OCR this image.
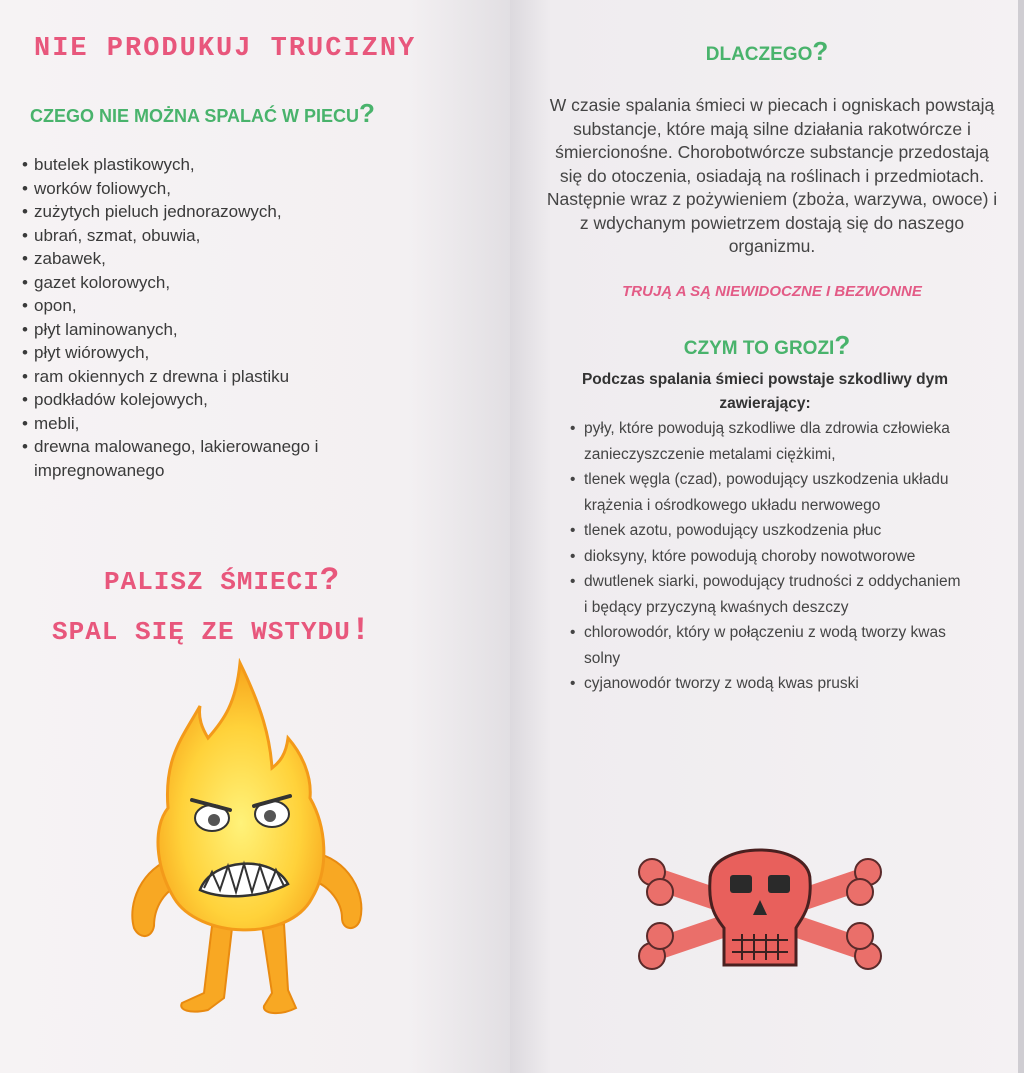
NIE PRODUKUJ TRUCIZNY
CZEGO NIE MOŻNA SPALAĆ W PIECU?
• butelek plastikowych,
• worków foliowych,
• zużytych pieluch jednorazowych,
• ubrań, szmat, obuwia,
• zabawek,
• gazet kolorowych,
• opon,
• płyt laminowanych,
• płyt wiórowych,
• ram okiennych z drewna i plastiku
• podkładów kolejowych,
• mebli,
• drewna malowanego, lakierowanego i impregnowanego
PALISZ ŚMIECI?
SPAL SIĘ ZE WSTYDU!
DLACZEGO?
W czasie spalania śmieci w piecach i ogniskach powstają substancje, które mają silne działania rakotwórcze i śmiercionośne. Chorobotwórcze substancje przedostają się do otoczenia, osiadają na roślinach i przedmiotach. Następnie wraz z pożywieniem (zboża, warzywa, owoce) i z wdychanym powietrzem dostają się do naszego organizmu.
TRUJĄ A SĄ NIEWIDOCZNE I BEZWONNE
CZYM TO GROZI?
Podczas spalania śmieci powstaje szkodliwy dym zawierający:
• pyły, które powodują szkodliwe dla zdrowia człowieka zanieczyszczenie metalami ciężkimi,
• tlenek węgla (czad), powodujący uszkodzenia układu krążenia i ośrodkowego układu nerwowego
• tlenek azotu, powodujący uszkodzenia płuc
• dioksyny, które powodują choroby nowotworowe
• dwutlenek siarki, powodujący trudności z oddychaniem i będący przyczyną kwaśnych deszczy
• chlorowodór, który w połączeniu z wodą tworzy kwas solny
• cyjanowodór tworzy z wodą kwas pruski
